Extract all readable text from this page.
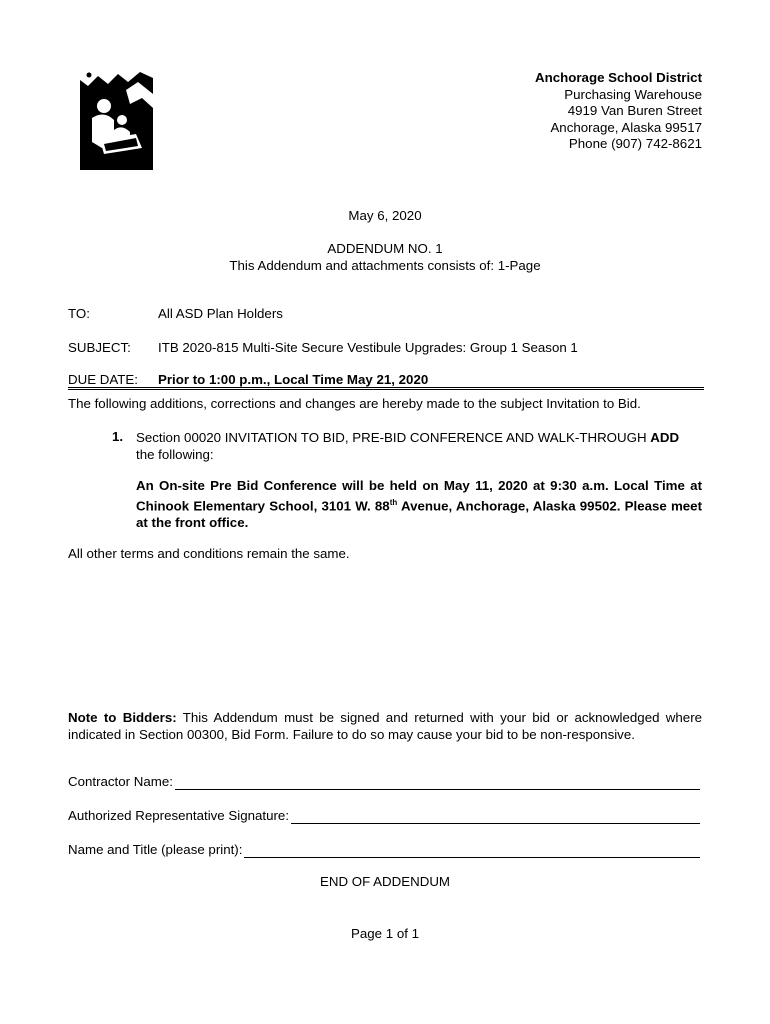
Anchorage School District
Purchasing Warehouse
4919 Van Buren Street
Anchorage, Alaska 99517
Phone (907) 742-8621
May 6, 2020
ADDENDUM NO. 1
This Addendum and attachments consists of: 1-Page
TO:	All ASD Plan Holders
SUBJECT: ITB 2020-815 Multi-Site Secure Vestibule Upgrades: Group 1 Season 1
DUE DATE: Prior to 1:00 p.m., Local Time May 21, 2020
The following additions, corrections and changes are hereby made to the subject Invitation to Bid.
1. Section 00020 INVITATION TO BID, PRE-BID CONFERENCE AND WALK-THROUGH ADD
the following:
An On-site Pre Bid Conference will be held on May 11, 2020 at 9:30 a.m. Local Time at Chinook Elementary School, 3101 W. 88th Avenue, Anchorage, Alaska 99502. Please meet at the front office.
All other terms and conditions remain the same.
Note to Bidders: This Addendum must be signed and returned with your bid or acknowledged where indicated in Section 00300, Bid Form. Failure to do so may cause your bid to be non-responsive.
Contractor Name:
Authorized Representative Signature:
Name and Title (please print):
END OF ADDENDUM
Page 1 of 1
